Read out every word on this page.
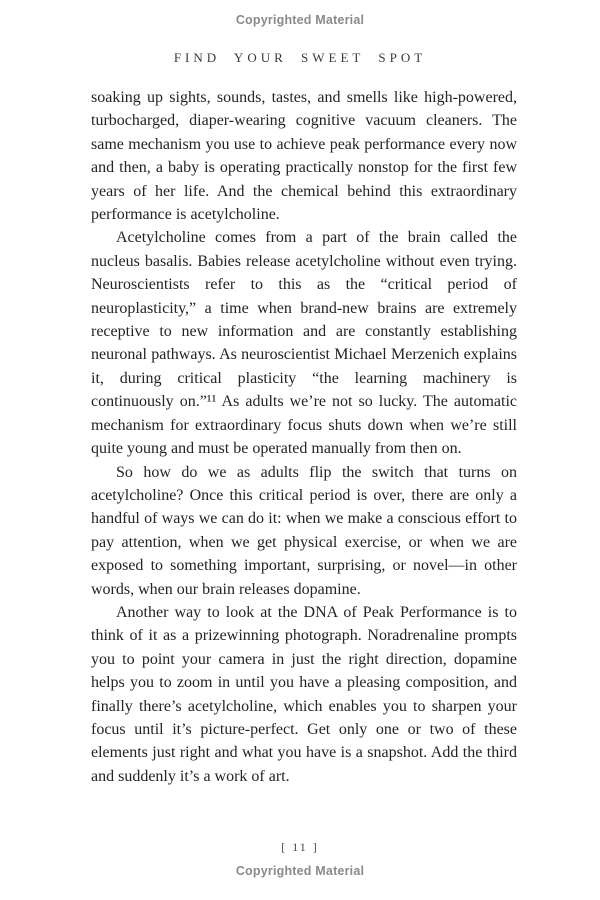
Copyrighted Material
FIND YOUR SWEET SPOT

soaking up sights, sounds, tastes, and smells like high-powered, turbocharged, diaper-wearing cognitive vacuum cleaners. The same mechanism you use to achieve peak performance every now and then, a baby is operating practically nonstop for the first few years of her life. And the chemical behind this extraordinary performance is acetylcholine.

Acetylcholine comes from a part of the brain called the nucleus basalis. Babies release acetylcholine without even trying. Neuroscientists refer to this as the “critical period of neuroplasticity,” a time when brand-new brains are extremely receptive to new information and are constantly establishing neuronal pathways. As neuroscientist Michael Merzenich explains it, during critical plasticity “the learning machinery is continuously on.”¹¹ As adults we’re not so lucky. The automatic mechanism for extraordinary focus shuts down when we’re still quite young and must be operated manually from then on.

So how do we as adults flip the switch that turns on acetylcholine? Once this critical period is over, there are only a handful of ways we can do it: when we make a conscious effort to pay attention, when we get physical exercise, or when we are exposed to something important, surprising, or novel—in other words, when our brain releases dopamine.

Another way to look at the DNA of Peak Performance is to think of it as a prizewinning photograph. Noradrenaline prompts you to point your camera in just the right direction, dopamine helps you to zoom in until you have a pleasing composition, and finally there’s acetylcholine, which enables you to sharpen your focus until it’s picture-perfect. Get only one or two of these elements just right and what you have is a snapshot. Add the third and suddenly it’s a work of art.

[ 11 ]
Copyrighted Material
